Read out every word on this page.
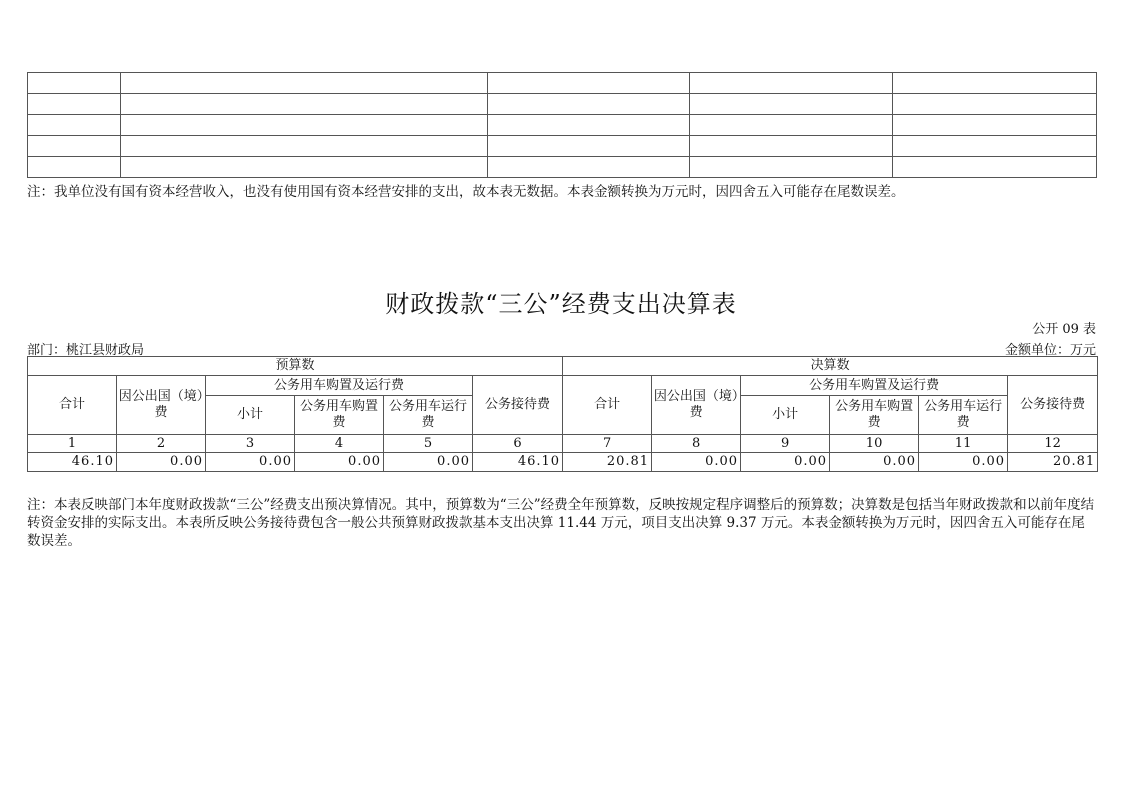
注：我单位没有国有资本经营收入，也没有使用国有资本经营安排的支出，故本表无数据。本表金额转换为万元时，因四舍五入可能存在尾数误差。
财政拨款“三公”经费支出决算表
公开 09 表
部门：桃江县财政局	金额单位：万元
预算数						决算数					
合计	因公出国（境）费	公务用车购置及运行费			公务接待费	合计	因公出国（境）费	公务用车购置及运行费			公务接待费
		小计	公务用车购置费	公务用车运行费				小计	公务用车购置费	公务用车运行费	
1	2	3	4	5	6	7	8	9	10	11	12
46.10	0.00	0.00	0.00	0.00	46.10	20.81	0.00	0.00	0.00	0.00	20.81
注：本表反映部门本年度财政拨款“三公”经费支出预决算情况。其中，预算数为“三公”经费全年预算数，反映按规定程序调整后的预算数；决算数是包括当年财政拨款和以前年度结转资金安排的实际支出。本表所反映公务接待费包含一般公共预算财政拨款基本支出决算 11.44 万元，项目支出决算 9.37 万元。本表金额转换为万元时，因四舍五入可能存在尾数误差。
